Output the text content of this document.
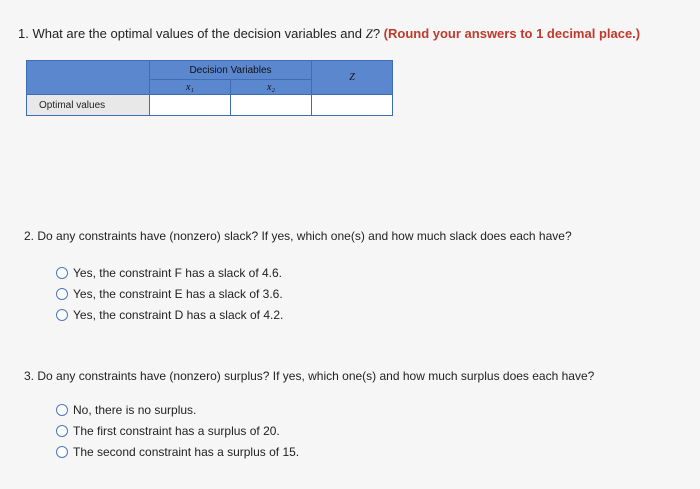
1. What are the optimal values of the decision variables and Z? (Round your answers to 1 decimal place.)
	Decision Variables		Z
	x₁	x₂	
Optimal values			
2. Do any constraints have (nonzero) slack? If yes, which one(s) and how much slack does each have?
Yes, the constraint F has a slack of 4.6.
Yes, the constraint E has a slack of 3.6.
Yes, the constraint D has a slack of 4.2.
3. Do any constraints have (nonzero) surplus? If yes, which one(s) and how much surplus does each have?
No, there is no surplus.
The first constraint has a surplus of 20.
The second constraint has a surplus of 15.
